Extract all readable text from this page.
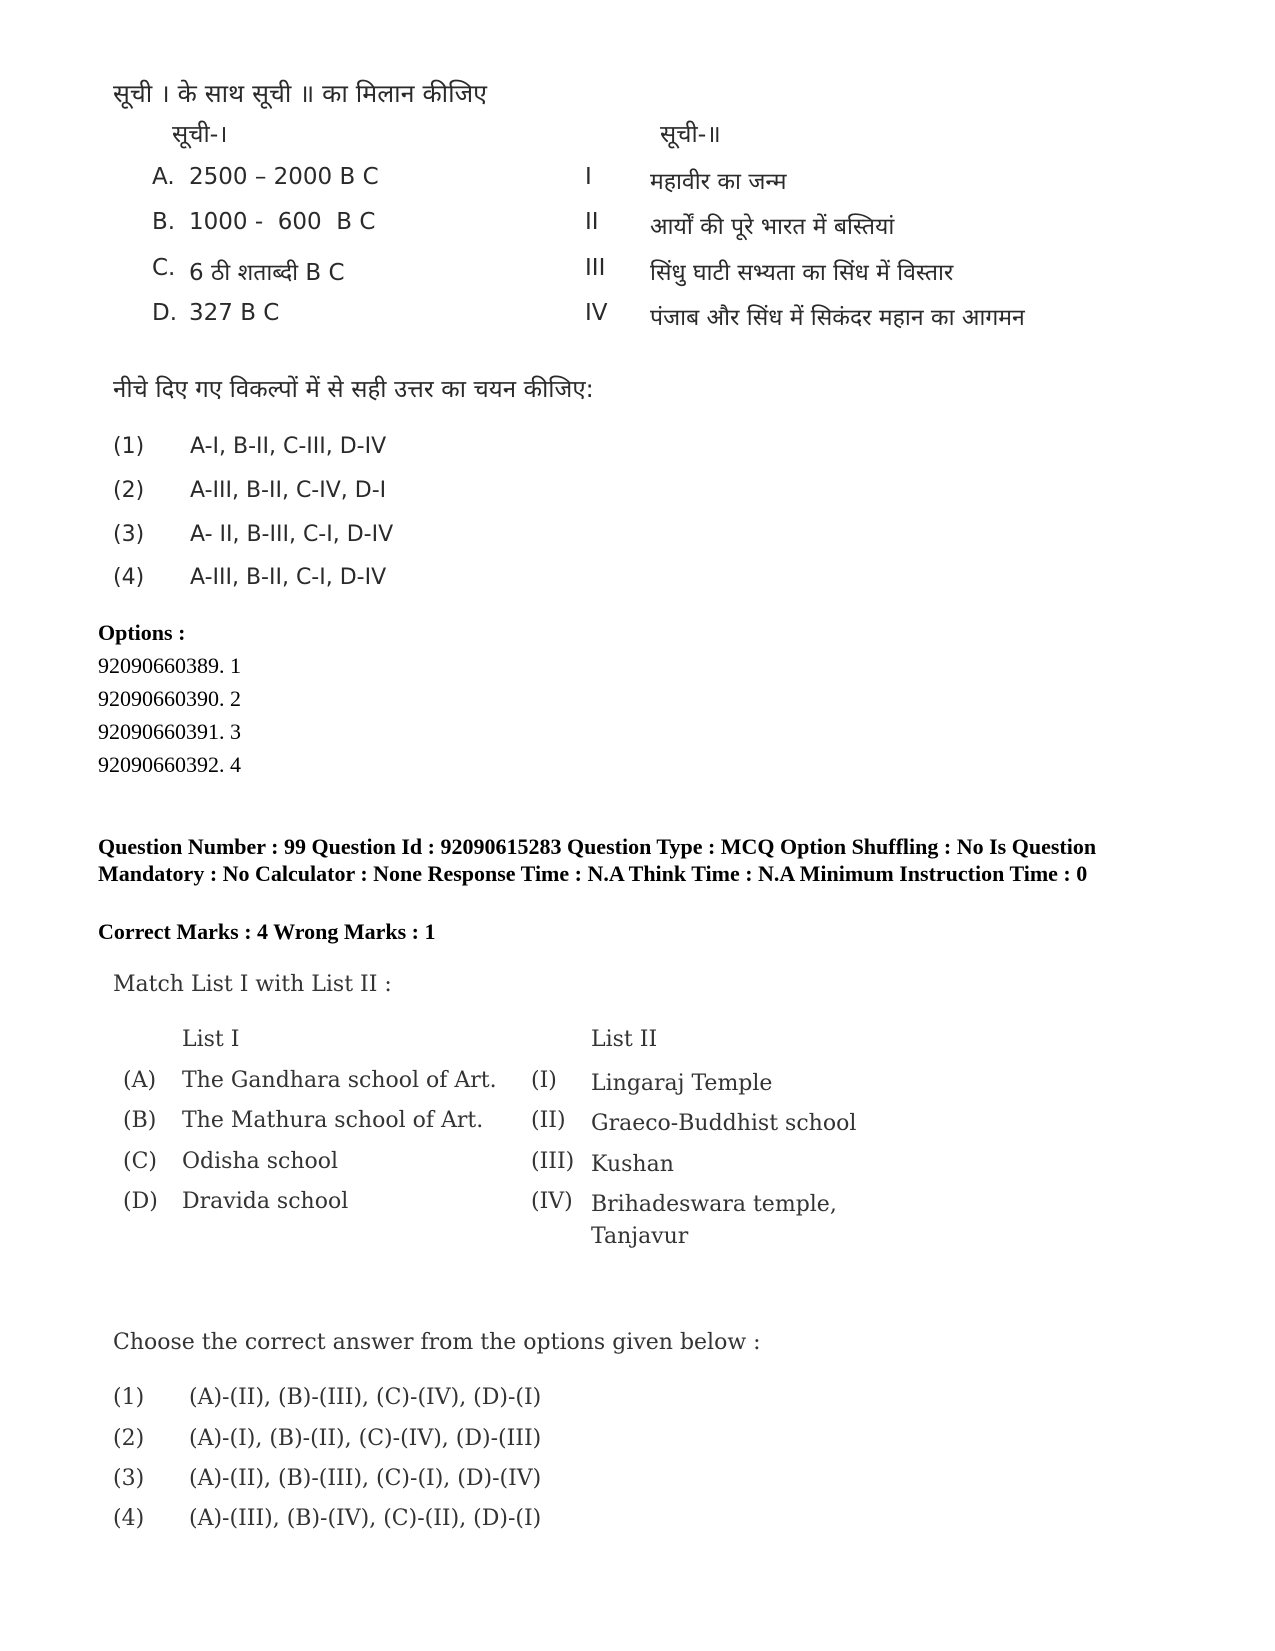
सूची । के साथ सूची ॥ का मिलान कीजिए
सूची-।	सूची-॥
A. 2500 – 2000 B C	I	महावीर का जन्म
B. 1000 -  600  B C	II आर्यों की पूरे भारत में बस्तियां
C. 6 ठी शताब्दी B C	III सिंधु घाटी सभ्यता का सिंध में विस्तार
D. 327 B C	IV पंजाब और सिंध में सिकंदर महान का आगमन
नीचे दिए गए विकल्पों में से सही उत्तर का चयन कीजिए:
(1) A-I, B-II, C-III, D-IV
(2) A-III, B-II, C-IV, D-I
(3) A- II, B-III, C-I, D-IV
(4) A-III, B-II, C-I, D-IV
Options :
92090660389. 1
92090660390. 2
92090660391. 3
92090660392. 4
Question Number : 99 Question Id : 92090615283 Question Type : MCQ Option Shuffling : No Is Question Mandatory : No Calculator : None Response Time : N.A Think Time : N.A Minimum Instruction Time : 0
Correct Marks : 4 Wrong Marks : 1
Match List I with List II :
List I	List II
(A) The Gandhara school of Art. (I) Lingaraj Temple
(B) The Mathura school of Art. (II) Graeco-Buddhist school
(C) Odisha school	(III) Kushan
(D) Dravida school	(IV) Brihadeswara temple,
Tanjavur
Choose the correct answer from the options given below :
(1) (A)-(II), (B)-(III), (C)-(IV), (D)-(I)
(2) (A)-(I), (B)-(II), (C)-(IV), (D)-(III)
(3) (A)-(II), (B)-(III), (C)-(I), (D)-(IV)
(4) (A)-(III), (B)-(IV), (C)-(II), (D)-(I)
